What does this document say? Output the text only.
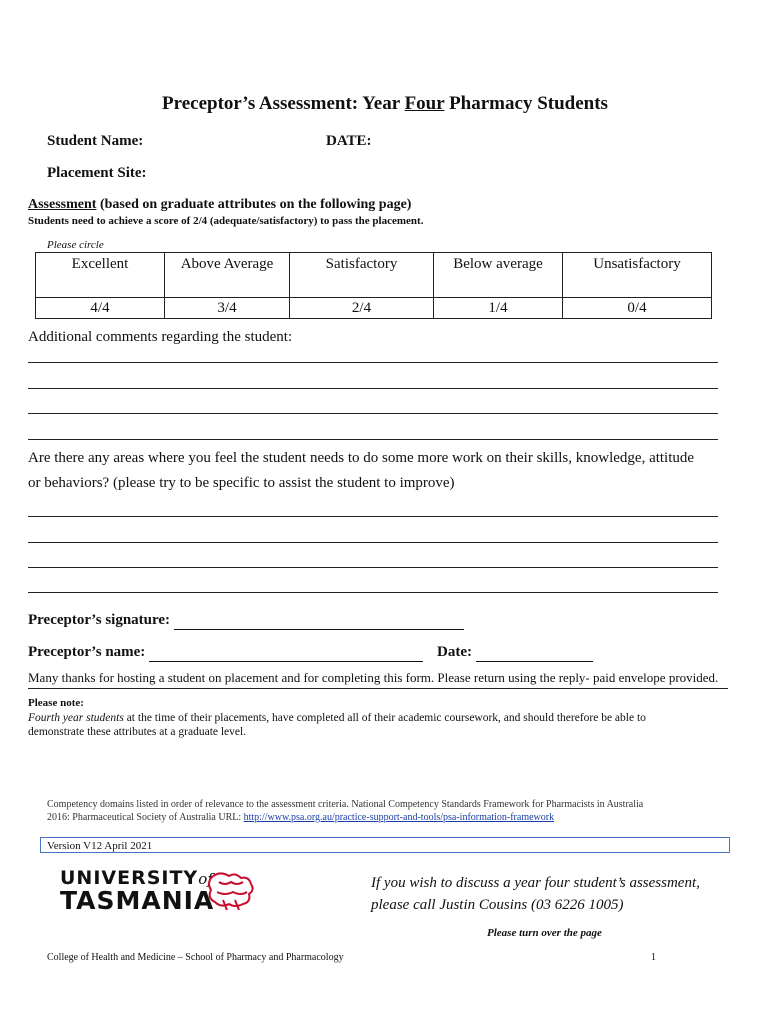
Preceptor’s Assessment: Year Four Pharmacy Students
Student Name:	DATE:
Placement Site:
Assessment (based on graduate attributes on the following page)
Students need to achieve a score of 2/4 (adequate/satisfactory) to pass the placement.
Please circle
Excellent	Above Average	Satisfactory	Below average	Unsatisfactory
4/4	3/4	2/4	1/4	0/4
Additional comments regarding the student:
Are there any areas where you feel the student needs to do some more work on their skills, knowledge, attitude
or behaviors? (please try to be specific to assist the student to improve)
Preceptor’s signature:
Preceptor’s name:	Date:
Many thanks for hosting a student on placement and for completing this form. Please return using the reply- paid envelope provided.
Please note:
Fourth year students at the time of their placements, have completed all of their academic coursework, and should therefore be able to
demonstrate these attributes at a graduate level.
Competency domains listed in order of relevance to the assessment criteria. National Competency Standards Framework for Pharmacists in Australia
2016: Pharmaceutical Society of Australia URL: http://www.psa.org.au/practice-support-and-tools/psa-information-framework
Version V12 April 2021
UNIVERSITYof
TASMANIA
If you wish to discuss a year four student’s assessment,
please call Justin Cousins (03 6226 1005)
Please turn over the page
College of Health and Medicine – School of Pharmacy and Pharmacology	1
